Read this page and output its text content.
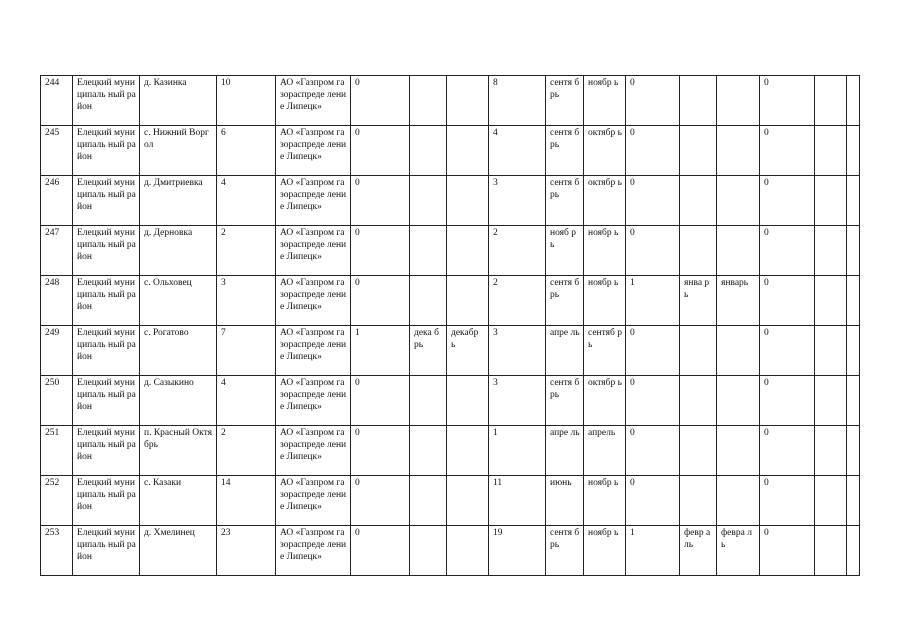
244	Елецкий муниципаль ный район	д. Казинка	10	АО «Газпром газораспреде ление Липецк»	0			8	сентя брь	ноябр ь	0			0		
245	Елецкий муниципаль ный район	с. Нижний Воргол	6	АО «Газпром газораспреде ление Липецк»	0			4	сентя брь	октябр ь	0			0		
246	Елецкий муниципаль ный район	д. Дмитриевка	4	АО «Газпром газораспреде ление Липецк»	0			3	сентя брь	октябр ь	0			0		
247	Елецкий муниципаль ный район	д. Дерновка	2	АО «Газпром газораспреде ление Липецк»	0			2	нояб рь	ноябр ь	0			0		
248	Елецкий муниципаль ный район	с. Ольховец	3	АО «Газпром газораспреде ление Липецк»	0			2	сентя брь	ноябр ь	1	янва рь	январь	0		
249	Елецкий муниципаль ный район	с. Рогатово	7	АО «Газпром газораспреде ление Липецк»	1	дека брь	декабр ь	3	апре ль	сентяб рь	0			0		
250	Елецкий муниципаль ный район	д. Сазыкино	4	АО «Газпром газораспреде ление Липецк»	0			3	сентя брь	октябр ь	0			0		
251	Елецкий муниципаль ный район	п. Красный Октябрь	2	АО «Газпром газораспреде ление Липецк»	0			1	апре ль	апрель	0			0		
252	Елецкий муниципаль ный район	с. Казаки	14	АО «Газпром газораспреде ление Липецк»	0			11	июнь	ноябр ь	0			0		
253	Елецкий муниципаль ный район	д. Хмелинец	23	АО «Газпром газораспреде ление Липецк»	0			19	сентя брь	ноябр ь	1	февр аль	февра ль	0		
